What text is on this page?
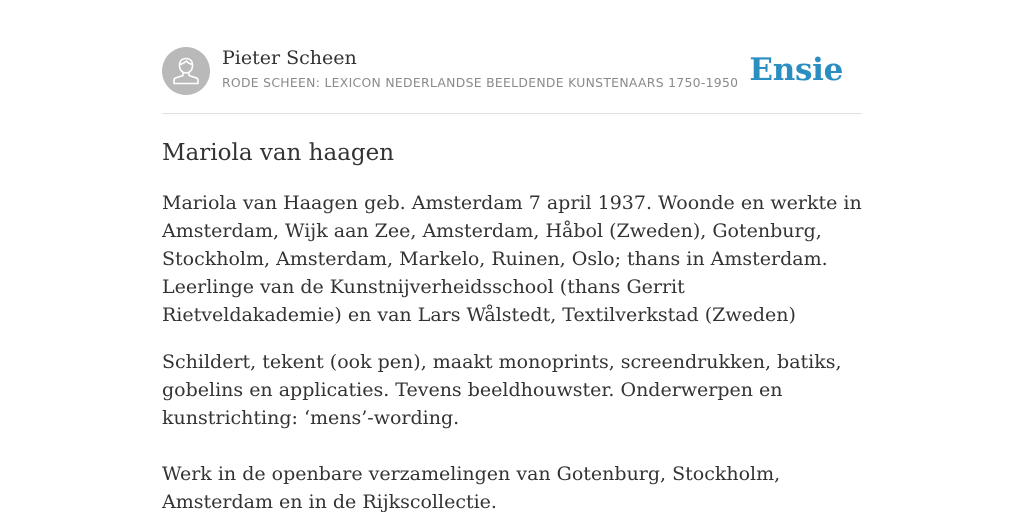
Pieter Scheen
RODE SCHEEN: LEXICON NEDERLANDSE BEELDENDE KUNSTENAARS 1750-1950 Ensie
Mariola van haagen

Mariola van Haagen geb. Amsterdam 7 april 1937. Woonde en werkte in Amsterdam, Wijk aan Zee, Amsterdam, Håbol (Zweden), Gotenburg, Stockholm, Amsterdam, Markelo, Ruinen, Oslo; thans in Amsterdam. Leerlinge van de Kunstnijverheidsschool (thans Gerrit Rietveldakademie) en van Lars Wålstedt, Textilverkstad (Zweden)

Schildert, tekent (ook pen), maakt monoprints, screendrukken, batiks, gobelins en applicaties. Tevens beeldhouwster. Onderwerpen en kunstrichting: ‘mens’-wording.

Werk in de openbare verzamelingen van Gotenburg, Stockholm, Amsterdam en in de Rijkscollectie.
